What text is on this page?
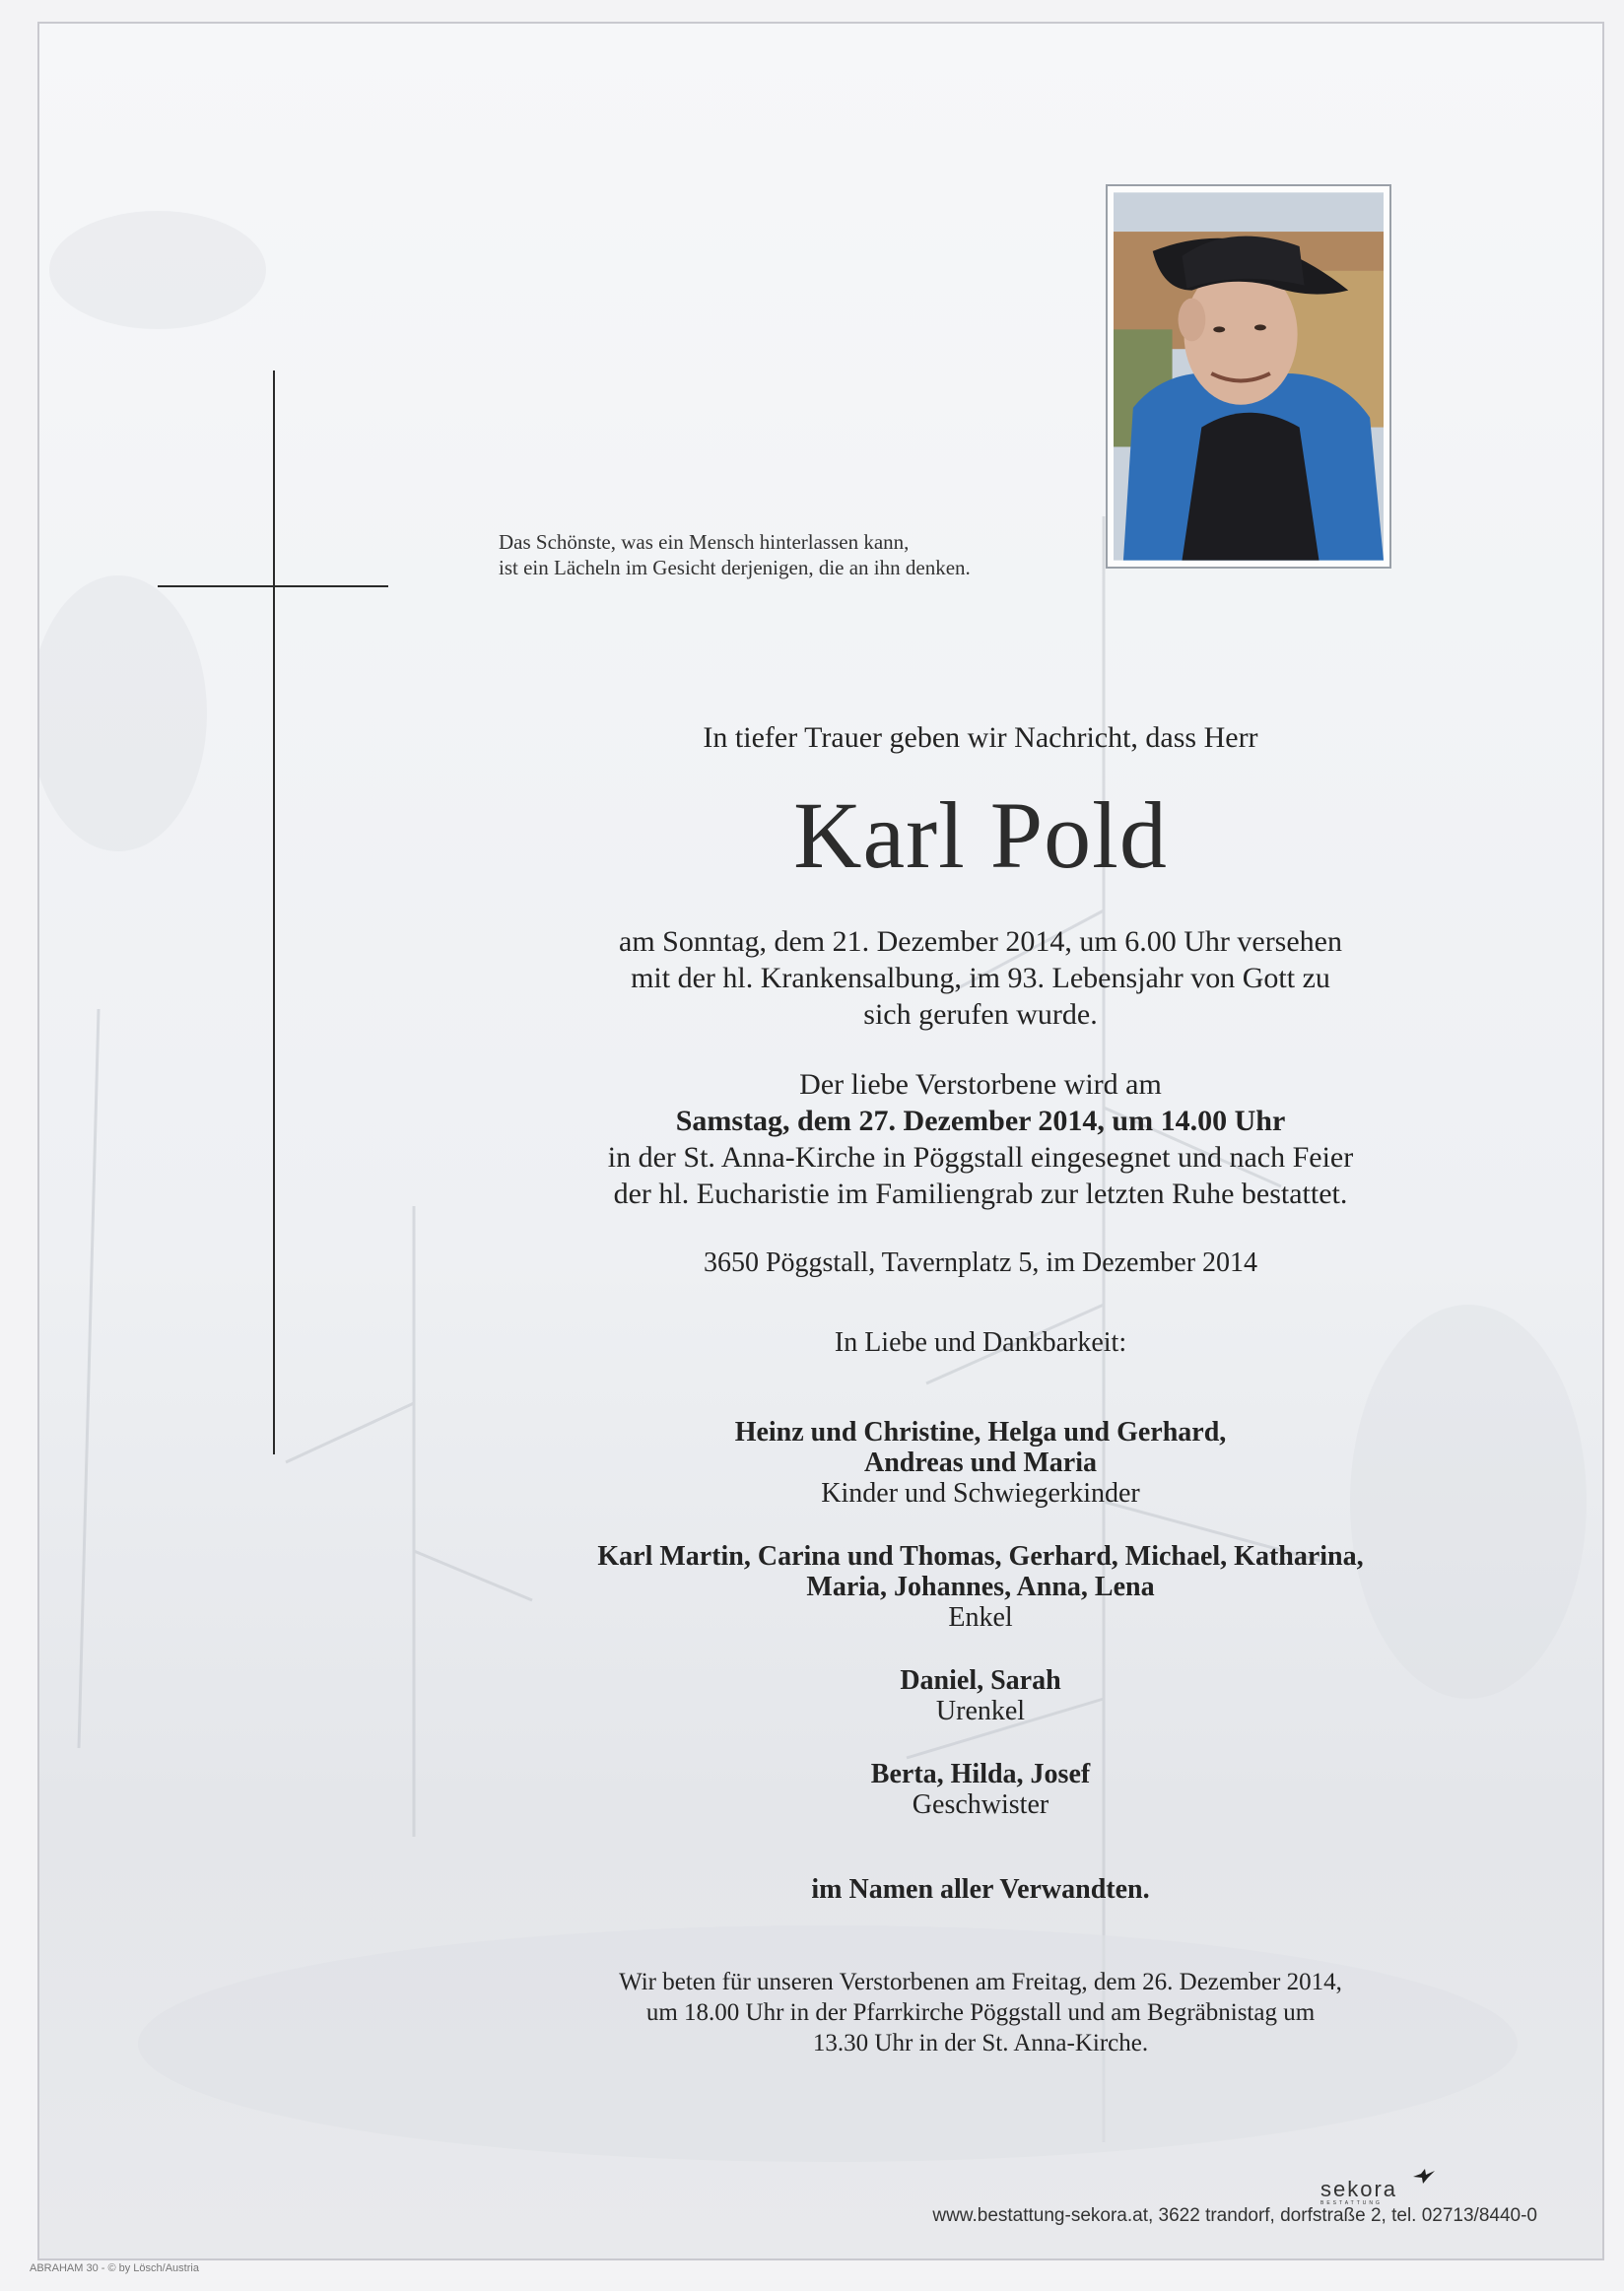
Das Schönste, was ein Mensch hinterlassen kann,
ist ein Lächeln im Gesicht derjenigen, die an ihn denken.
In tiefer Trauer geben wir Nachricht, dass Herr
Karl Pold
am Sonntag, dem 21. Dezember 2014, um 6.00 Uhr versehen
mit der hl. Krankensalbung, im 93. Lebensjahr von Gott zu
sich gerufen wurde.
Der liebe Verstorbene wird am
Samstag, dem 27. Dezember 2014, um 14.00 Uhr
in der St. Anna-Kirche in Pöggstall eingesegnet und nach Feier
der hl. Eucharistie im Familiengrab zur letzten Ruhe bestattet.
3650 Pöggstall, Tavernplatz 5, im Dezember 2014
In Liebe und Dankbarkeit:
Heinz und Christine, Helga und Gerhard,
Andreas und Maria
Kinder und Schwiegerkinder
Karl Martin, Carina und Thomas, Gerhard, Michael, Katharina,
Maria, Johannes, Anna, Lena
Enkel
Daniel, Sarah
Urenkel
Berta, Hilda, Josef
Geschwister
im Namen aller Verwandten.
Wir beten für unseren Verstorbenen am Freitag, dem 26. Dezember 2014,
um 18.00 Uhr in der Pfarrkirche Pöggstall und am Begräbnistag um
13.30 Uhr in der St. Anna-Kirche.
www.bestattung-sekora.at, 3622 trandorf, dorfstraße 2, tel. 02713/8440-0
sekora
BESTATTUNG
ABRAHAM 30 - © by Lösch/Austria
